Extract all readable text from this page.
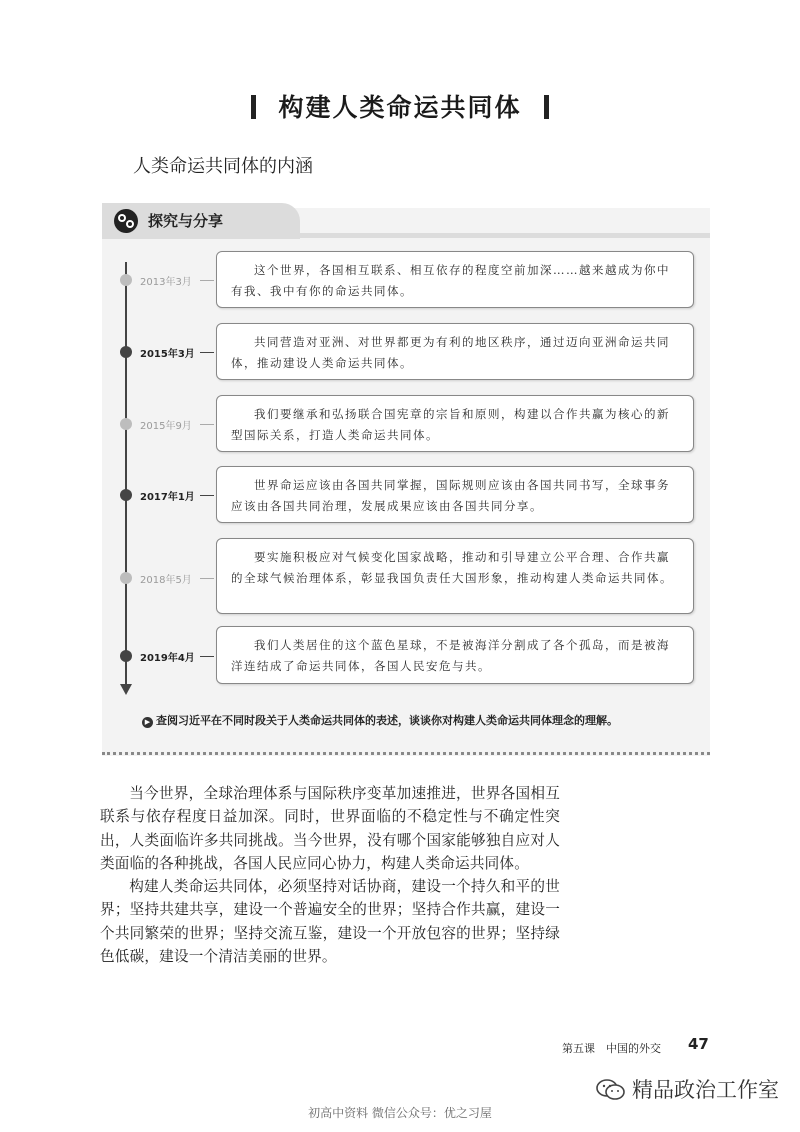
构建人类命运共同体
人类命运共同体的内涵
探究与分享
2013年3月
这个世界，各国相互联系、相互依存的程度空前加深……越来越成为你中有我、我中有你的命运共同体。
2015年3月
共同营造对亚洲、对世界都更为有利的地区秩序，通过迈向亚洲命运共同体，推动建设人类命运共同体。
2015年9月
我们要继承和弘扬联合国宪章的宗旨和原则，构建以合作共赢为核心的新型国际关系，打造人类命运共同体。
2017年1月
世界命运应该由各国共同掌握，国际规则应该由各国共同书写，全球事务应该由各国共同治理，发展成果应该由各国共同分享。
2018年5月
要实施积极应对气候变化国家战略，推动和引导建立公平合理、合作共赢的全球气候治理体系，彰显我国负责任大国形象，推动构建人类命运共同体。
2019年4月
我们人类居住的这个蓝色星球，不是被海洋分割成了各个孤岛，而是被海洋连结成了命运共同体，各国人民安危与共。
▶ 查阅习近平在不同时段关于人类命运共同体的表述，谈谈你对构建人类命运共同体理念的理解。

当今世界，全球治理体系与国际秩序变革加速推进，世界各国相互联系与依存程度日益加深。同时，世界面临的不稳定性与不确定性突出，人类面临许多共同挑战。当今世界，没有哪个国家能够独自应对人类面临的各种挑战，各国人民应同心协力，构建人类命运共同体。

构建人类命运共同体，必须坚持对话协商，建设一个持久和平的世界；坚持共建共享，建设一个普遍安全的世界；坚持合作共赢，建设一个共同繁荣的世界；坚持交流互鉴，建设一个开放包容的世界；坚持绿色低碳，建设一个清洁美丽的世界。

第五课　中国的外交 47
精品政治工作室
初高中资料 微信公众号：优之习屋
